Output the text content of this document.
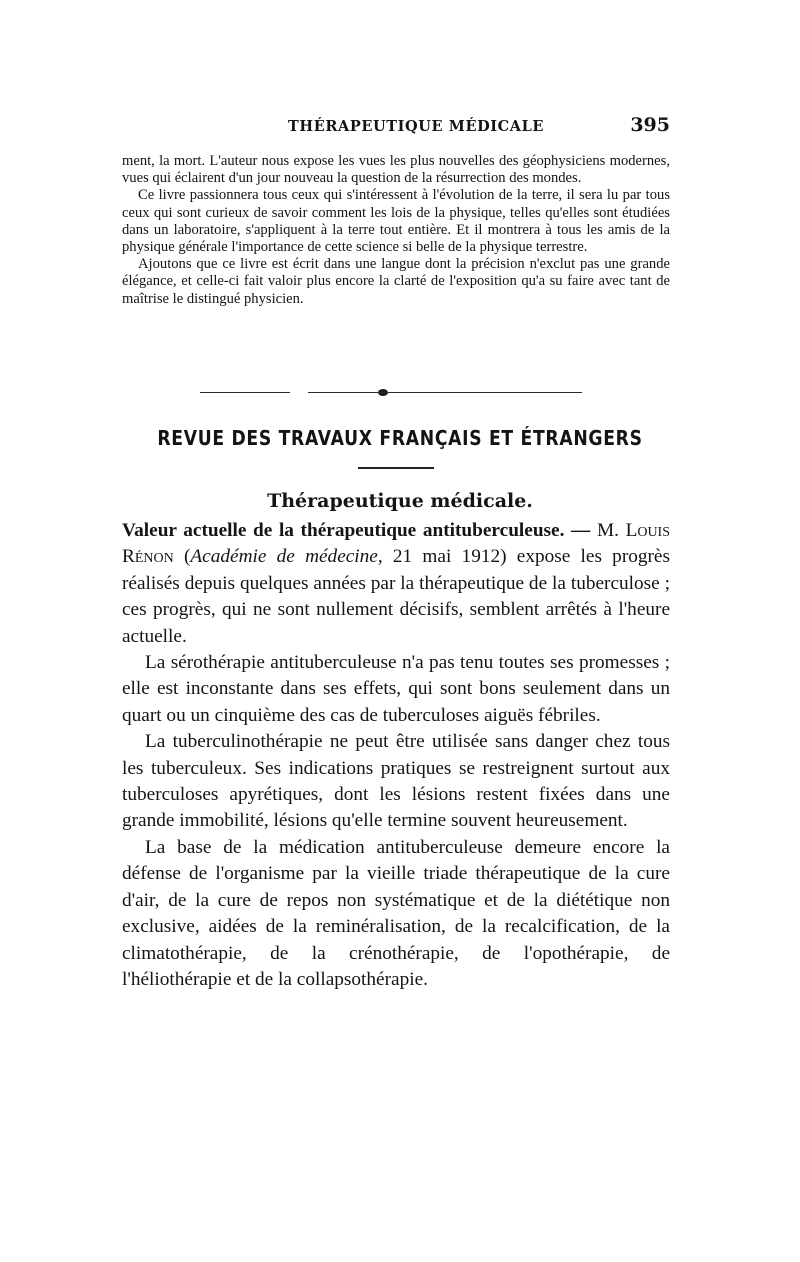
THÉRAPEUTIQUE MÉDICALE	395

ment, la mort. L'auteur nous expose les vues les plus nouvelles des géophysiciens modernes, vues qui éclairent d'un jour nouveau la question de la résurrection des mondes.

Ce livre passionnera tous ceux qui s'intéressent à l'évolution de la terre, il sera lu par tous ceux qui sont curieux de savoir comment les lois de la physique, telles qu'elles sont étudiées dans un laboratoire, s'appliquent à la terre tout entière. Et il montrera à tous les amis de la physique générale l'importance de cette science si belle de la physique terrestre.

Ajoutons que ce livre est écrit dans une langue dont la précision n'exclut pas une grande élégance, et celle-ci fait valoir plus encore la clarté de l'exposition qu'a su faire avec tant de maîtrise le distingué physicien.

REVUE DES TRAVAUX FRANÇAIS ET ÉTRANGERS
Thérapeutique médicale.

Valeur actuelle de la thérapeutique antituberculeuse. — M. Louis Rénon (Académie de médecine, 21 mai 1912) expose les progrès réalisés depuis quelques années par la thérapeutique de la tuberculose ; ces progrès, qui ne sont nullement décisifs, semblent arrêtés à l'heure actuelle.

La sérothérapie antituberculeuse n'a pas tenu toutes ses promesses ; elle est inconstante dans ses effets, qui sont bons seulement dans un quart ou un cinquième des cas de tuberculoses aiguës fébriles.

La tuberculinothérapie ne peut être utilisée sans danger chez tous les tuberculeux. Ses indications pratiques se restreignent surtout aux tuberculoses apyrétiques, dont les lésions restent fixées dans une grande immobilité, lésions qu'elle termine souvent heureusement.

La base de la médication antituberculeuse demeure encore la défense de l'organisme par la vieille triade thérapeutique de la cure d'air, de la cure de repos non systématique et de la diététique non exclusive, aidées de la reminéralisation, de la recalcification, de la climatothérapie, de la crénothérapie, de l'opothérapie, de l'héliothérapie et de la collapsothérapie.
